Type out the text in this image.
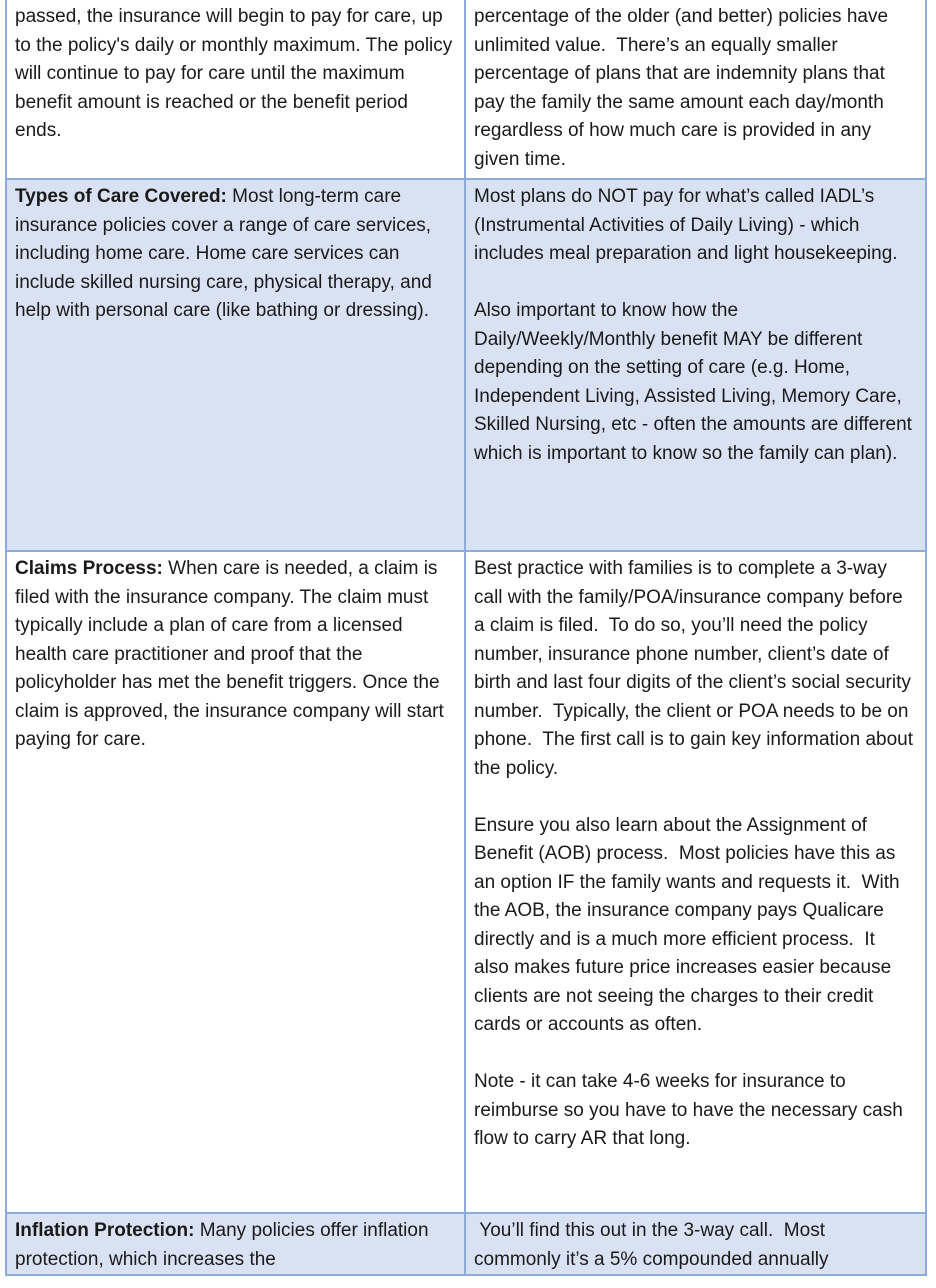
passed, the insurance will begin to pay for care, up to the policy's daily or monthly maximum. The policy will continue to pay for care until the maximum benefit amount is reached or the benefit period ends.

percentage of the older (and better) policies have unlimited value.  There’s an equally smaller percentage of plans that are indemnity plans that pay the family the same amount each day/month regardless of how much care is provided in any given time.

Types of Care Covered: Most long-term care insurance policies cover a range of care services, including home care. Home care services can include skilled nursing care, physical therapy, and help with personal care (like bathing or dressing).

Most plans do NOT pay for what’s called IADL’s (Instrumental Activities of Daily Living) - which includes meal preparation and light housekeeping.

Also important to know how the Daily/Weekly/Monthly benefit MAY be different depending on the setting of care (e.g. Home, Independent Living, Assisted Living, Memory Care, Skilled Nursing, etc - often the amounts are different which is important to know so the family can plan).

Claims Process: When care is needed, a claim is filed with the insurance company. The claim must typically include a plan of care from a licensed health care practitioner and proof that the policyholder has met the benefit triggers. Once the claim is approved, the insurance company will start paying for care.

Best practice with families is to complete a 3-way call with the family/POA/insurance company before a claim is filed.  To do so, you’ll need the policy number, insurance phone number, client’s date of birth and last four digits of the client’s social security number.  Typically, the client or POA needs to be on phone.  The first call is to gain key information about the policy.

Ensure you also learn about the Assignment of Benefit (AOB) process.  Most policies have this as an option IF the family wants and requests it.  With the AOB, the insurance company pays Qualicare directly and is a much more efficient process.  It also makes future price increases easier because clients are not seeing the charges to their credit cards or accounts as often.

Note - it can take 4-6 weeks for insurance to reimburse so you have to have the necessary cash flow to carry AR that long.

Inflation Protection: Many policies offer inflation protection, which increases the

You’ll find this out in the 3-way call.  Most commonly it’s a 5% compounded annually
